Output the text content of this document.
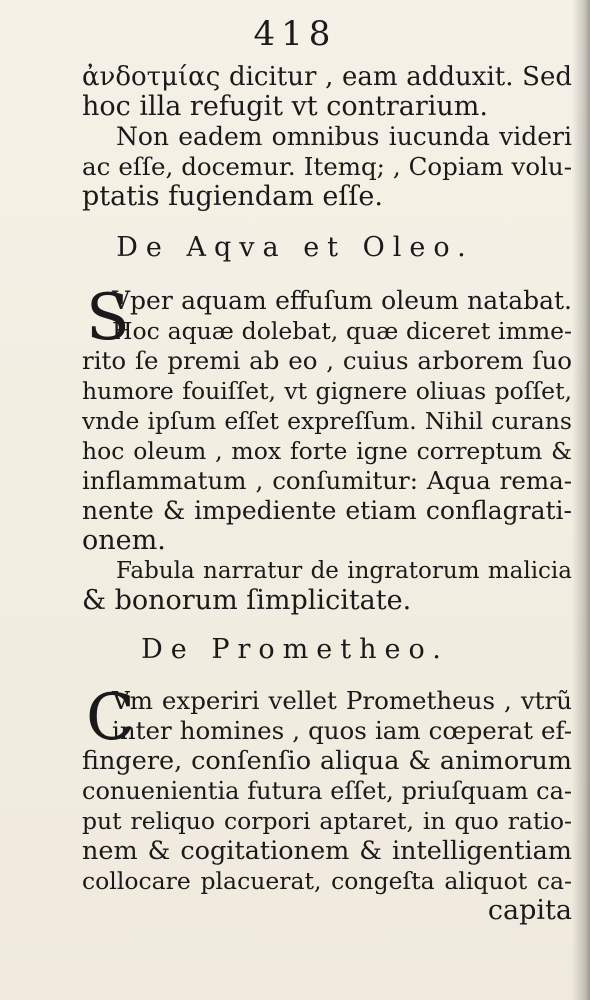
418
ἀνδοτμίας dicitur , eam adduxit. Sed
hoc illa refugit vt contrarium.
Non eadem omnibus iucunda videri
ac eſſe, docemur. Itemq; , Copiam volu-
ptatis fugiendam eſſe.
De Aqva et Oleo.
S
Vper aquam effuſum oleum natabat.
Hoc aquæ dolebat, quæ diceret imme-
rito ſe premi ab eo , cuius arborem ſuo
humore fouiſſet, vt gignere oliuas poſſet,
vnde ipſum eſſet expreſſum. Nihil curans
hoc oleum , mox forte igne correptum &
inflammatum , conſumitur: Aqua rema-
nente & impediente etiam conflagrati-
onem.
Fabula narratur de ingratorum malicia
& bonorum ſimplicitate.
De Prometheo.
C
Vm experiri vellet Prometheus , vtrũ
inter homines , quos iam cœperat ef-
fingere, conſenſio aliqua & animorum
conuenientia futura eſſet, priuſquam ca-
put reliquo corpori aptaret, in quo ratio-
nem & cogitationem & intelligentiam
collocare placuerat, congeſta aliquot ca-
capita
